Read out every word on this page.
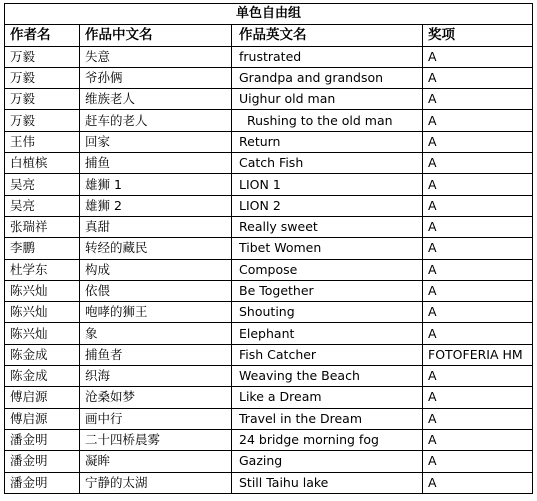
单色自由组			
作者名	作品中文名	作品英文名	奖项
万毅	失意	frustrated	A
万毅	爷孙俩	Grandpa and grandson	A
万毅	维族老人	Uighur old man	A
万毅	赶车的老人	Rushing to the old man	A
王伟	回家	Return	A
白植槟	捕鱼	Catch Fish	A
吴亮	雄狮 1	LION 1	A
吴亮	雄狮 2	LION 2	A
张瑞祥	真甜	Really sweet	A
李鹏	转经的藏民	Tibet Women	A
杜学东	构成	Compose	A
陈兴灿	依偎	Be Together	A
陈兴灿	咆哮的狮王	Shouting	A
陈兴灿	象	Elephant	A
陈金成	捕鱼者	Fish Catcher	FOTOFERIA HM
陈金成	织海	Weaving the Beach	A
傅启源	沧桑如梦	Like a Dream	A
傅启源	画中行	Travel in the Dream	A
潘金明	二十四桥晨雾	24 bridge morning fog	A
潘金明	凝眸	Gazing	A
潘金明	宁静的太湖	Still Taihu lake	A
